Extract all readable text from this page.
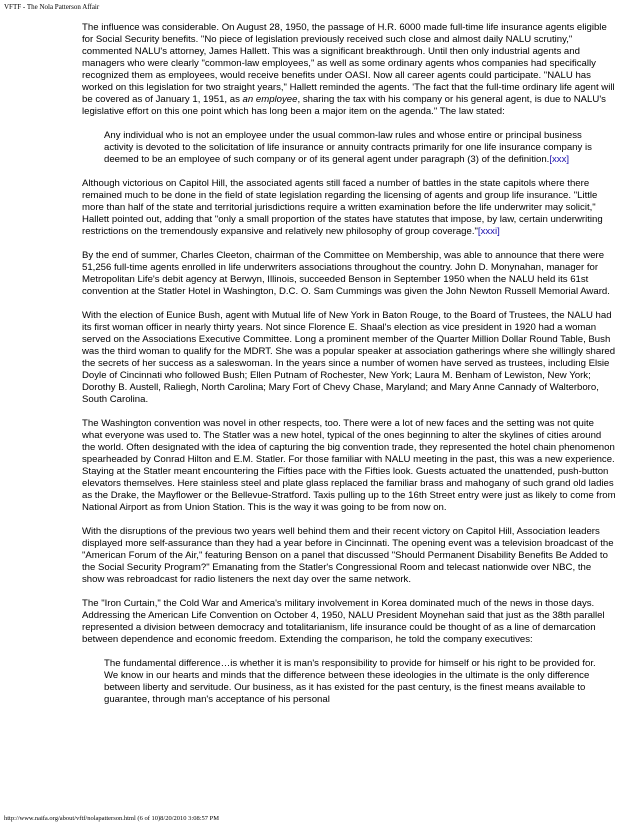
VFTF - The Nola Patterson Affair

The influence was considerable. On August 28, 1950, the passage of H.R. 6000 made full-time life insurance agents eligible for Social Security benefits. "No piece of legislation previously received such close and almost daily NALU scrutiny," commented NALU's attorney, James Hallett. This was a significant breakthrough. Until then only industrial agents and managers who were clearly "common-law employees," as well as some ordinary agents whos companies had specifically recognized them as employees, would receive benefits under OASI. Now all career agents could participate. "NALU has worked on this legislation for two straight years," Hallett reminded the agents. 'The fact that the full-time ordinary life agent will be covered as of January 1, 1951, as an employee, sharing the tax with his company or his general agent, is due to NALU's legislative effort on this one point which has long been a major item on the agenda." The law stated:

Any individual who is not an employee under the usual common-law rules and whose entire or principal business activity is devoted to the solicitation of life insurance or annuity contracts primarily for one life insurance company is deemed to be an employee of such company or of its general agent under paragraph (3) of the definition.[xxx]

Although victorious on Capitol Hill, the associated agents still faced a number of battles in the state capitols where there remained much to be done in the field of state legislation regarding the licensing of agents and group life insurance. "Little more than half of the state and territorial jurisdictions require a written examination before the life underwriter may solicit," Hallett pointed out, adding that "only a small proportion of the states have statutes that impose, by law, certain underwriting restrictions on the tremendously expansive and relatively new philosophy of group coverage."[xxxi]

By the end of summer, Charles Cleeton, chairman of the Committee on Membership, was able to announce that there were 51,256 full-time agents enrolled in life underwriters associations throughout the country. John D. Monynahan, manager for Metropolitan Life's debit agency at Berwyn, Illinois, succeeded Benson in September 1950 when the NALU held its 61st convention at the Statler Hotel in Washington, D.C. O. Sam Cummings was given the John Newton Russell Memorial Award.

With the election of Eunice Bush, agent with Mutual life of New York in Baton Rouge, to the Board of Trustees, the NALU had its first woman officer in nearly thirty years. Not since Florence E. Shaal's election as vice president in 1920 had a woman served on the Associations Executive Committee. Long a prominent member of the Quarter Million Dollar Round Table, Bush was the third woman to qualify for the MDRT. She was a popular speaker at association gatherings where she willingly shared the secrets of her success as a saleswoman. In the years since a number of women have served as trustees, including Elsie Doyle of Cincinnati who followed Bush; Ellen Putnam of Rochester, New York; Laura M. Benham of Lewiston, New York; Dorothy B. Austell, Raliegh, North Carolina; Mary Fort of Chevy Chase, Maryland; and Mary Anne Cannady of Walterboro, South Carolina.

The Washington convention was novel in other respects, too. There were a lot of new faces and the setting was not quite what everyone was used to. The Statler was a new hotel, typical of the ones beginning to alter the skylines of cities around the world. Often designated with the idea of capturing the big convention trade, they represented the hotel chain phenomenon spearheaded by Conrad Hilton and E.M. Statler. For those familiar with NALU meeting in the past, this was a new experience. Staying at the Statler meant encountering the Fifties pace with the Fifties look. Guests actuated the unattended, push-button elevators themselves. Here stainless steel and plate glass replaced the familiar brass and mahogany of such grand old ladies as the Drake, the Mayflower or the Bellevue-Stratford. Taxis pulling up to the 16th Street entry were just as likely to come from National Airport as from Union Station. This is the way it was going to be from now on.

With the disruptions of the previous two years well behind them and their recent victory on Capitol Hill, Association leaders displayed more self-assurance than they had a year before in Cincinnati. The opening event was a television broadcast of the "American Forum of the Air," featuring Benson on a panel that discussed "Should Permanent Disability Benefits Be Added to the Social Security Program?" Emanating from the Statler's Congressional Room and telecast nationwide over NBC, the show was rebroadcast for radio listeners the next day over the same network.

The "Iron Curtain," the Cold War and America's military involvement in Korea dominated much of the news in those days. Addressing the American Life Convention on October 4, 1950, NALU President Moynehan said that just as the 38th parallel represented a division between democracy and totalitarianism, life insurance could be thought of as a line of demarcation between dependence and economic freedom. Extending the comparison, he told the company executives:

The fundamental difference…is whether it is man's responsibility to provide for himself or his right to be provided for. We know in our hearts and minds that the difference between these ideologies in the ultimate is the only difference between liberty and servitude. Our business, as it has existed for the past century, is the finest means available to guarantee, through man's acceptance of his personal
http://www.naifa.org/about/vftf/nolapatterson.html (6 of 10)8/20/2010 3:08:57 PM
